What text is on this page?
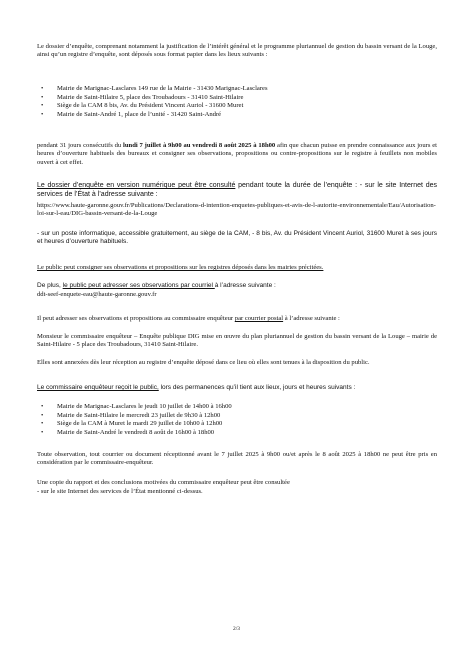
Le dossier d’enquête, comprenant notamment la justification de l’intérêt général et le programme pluriannuel de gestion du bassin versant de la Louge, ainsi qu’un registre d’enquête, sont déposés sous format papier dans les lieux suivants :

• Mairie de Marignac-Lasclares 149 rue de la Mairie - 31430 Marignac-Lasclares
• Mairie de Saint-Hilaire 5, place des Troubadours - 31410 Saint-Hilaire
• Siège de la CAM 8 bis, Av. du Président Vincent Auriol - 31600 Muret
• Mairie de Saint-André 1, place de l’unité - 31420 Saint-André

pendant 31 jours consécutifs du lundi 7 juillet à 9h00 au vendredi 8 août 2025 à 18h00 afin que chacun puisse en prendre connaissance aux jours et heures d’ouverture habituels des bureaux et consigner ses observations, propositions ou contre-propositions sur le registre à feuillets non mobiles ouvert à cet effet.

Le dossier d’enquête en version numérique peut être consulté pendant toute la durée de l’enquête : - sur le site Internet des services de l’État à l’adresse suivante :

https://www.haute-garonne.gouv.fr/Publications/Declarations-d-intention-enquetes-publiques-et-avis-de-l-autorite-environnementale/Eau/Autorisation-loi-sur-l-eau/DIG-bassin-versant-de-la-Louge

- sur un poste informatique, accessible gratuitement, au siège de la CAM, - 8 bis, Av. du Président Vincent Auriol, 31600 Muret à ses jours et heures d’ouverture habituels.

Le public peut consigner ses observations et propositions sur les registres déposés dans les mairies précitées.

De plus, le public peut adresser ses observations par courriel à l’adresse suivante :

ddt-seef-enquete-eau@haute-garonne.gouv.fr

Il peut adresser ses observations et propositions au commissaire enquêteur par courrier postal à l’adresse suivante :

Monsieur le commissaire enquêteur – Enquête publique DIG mise en œuvre du plan pluriannuel de gestion du bassin versant de la Louge – mairie de Saint-Hilaire - 5 place des Troubadours, 31410 Saint-Hilaire.

Elles sont annexées dès leur réception au registre d’enquête déposé dans ce lieu où elles sont tenues à la disposition du public.

Le commissaire enquêteur reçoit le public, lors des permanences qu’il tient aux lieux, jours et heures suivants :

• Mairie de Marignac-Lasclares le jeudi 10 juillet de 14h00 à 16h00
• Mairie de Saint-Hilaire le mercredi 23 juillet de 9h30 à 12h00
• Siège de la CAM à Muret le mardi 29 juillet de 10h00 à 12h00
• Mairie de Saint-André le vendredi 8 août de 16h00 à 18h00

Toute observation, tout courrier ou document réceptionné avant le 7 juillet 2025 à 9h00 ou/et après le 8 août 2025 à 18h00 ne peut être pris en considération par le commissaire-enquêteur.

Une copie du rapport et des conclusions motivées du commissaire enquêteur peut être consultée

- sur le site Internet des services de l’État mentionné ci-dessus.

2/3
